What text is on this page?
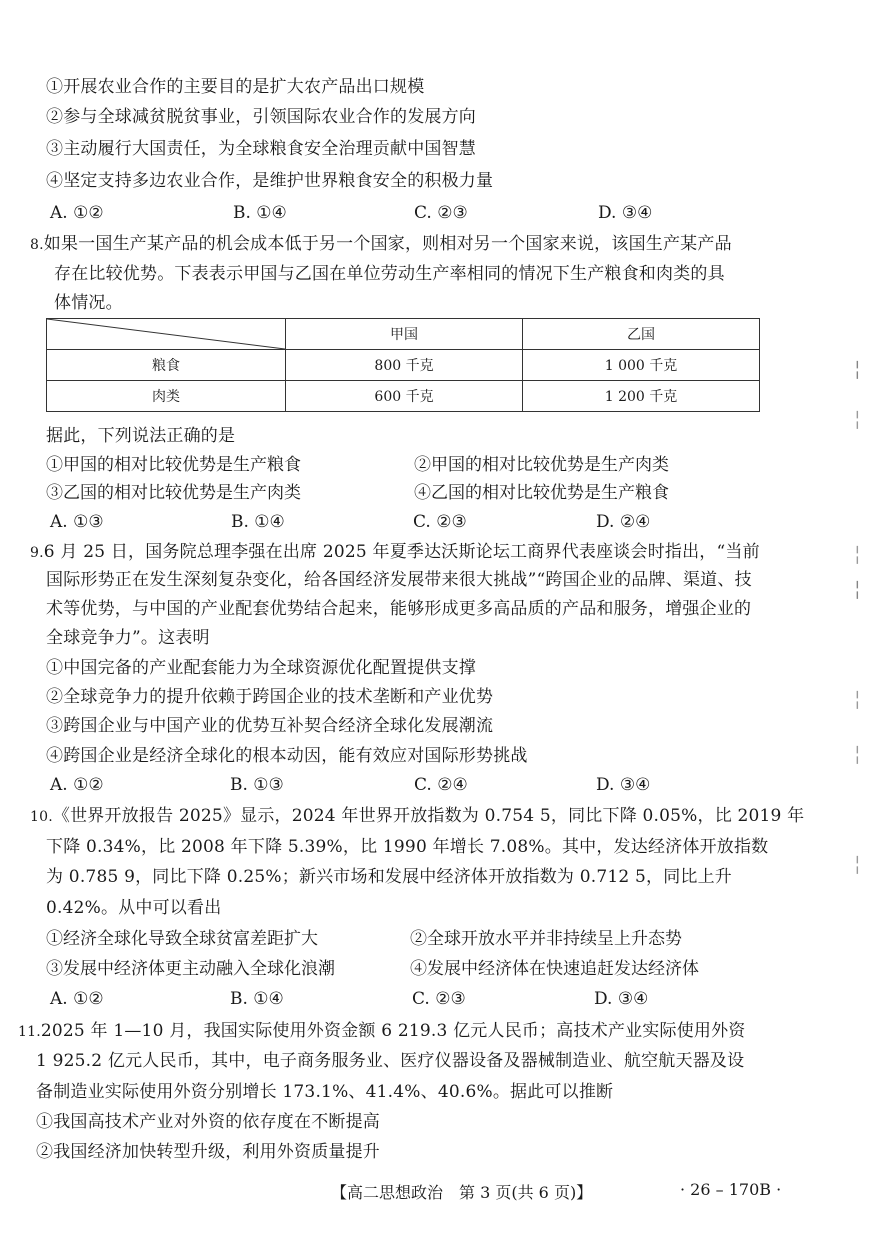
①开展农业合作的主要目的是扩大农产品出口规模
②参与全球减贫脱贫事业，引领国际农业合作的发展方向
③主动履行大国责任，为全球粮食安全治理贡献中国智慧
④坚定支持多边农业合作，是维护世界粮食安全的积极力量
A. ①②	B. ①④	C. ②③	D. ③④
8.如果一国生产某产品的机会成本低于另一个国家，则相对另一个国家来说，该国生产某产品
存在比较优势。下表表示甲国与乙国在单位劳动生产率相同的情况下生产粮食和肉类的具
体情况。
	甲国	乙国
粮食	800 千克	1 000 千克
肉类	600 千克	1 200 千克
据此，下列说法正确的是
①甲国的相对比较优势是生产粮食	②甲国的相对比较优势是生产肉类
③乙国的相对比较优势是生产肉类	④乙国的相对比较优势是生产粮食
A. ①③	B. ①④	C. ②③	D. ②④
9.6 月 25 日，国务院总理李强在出席 2025 年夏季达沃斯论坛工商界代表座谈会时指出，“当前
国际形势正在发生深刻复杂变化，给各国经济发展带来很大挑战”“跨国企业的品牌、渠道、技
术等优势，与中国的产业配套优势结合起来，能够形成更多高品质的产品和服务，增强企业的
全球竞争力”。这表明
①中国完备的产业配套能力为全球资源优化配置提供支撑
②全球竞争力的提升依赖于跨国企业的技术垄断和产业优势
③跨国企业与中国产业的优势互补契合经济全球化发展潮流
④跨国企业是经济全球化的根本动因，能有效应对国际形势挑战
A. ①②	B. ①③	C. ②④	D. ③④
10.《世界开放报告 2025》显示，2024 年世界开放指数为 0.754 5，同比下降 0.05%，比 2019 年
下降 0.34%，比 2008 年下降 5.39%，比 1990 年增长 7.08%。其中，发达经济体开放指数
为 0.785 9，同比下降 0.25%；新兴市场和发展中经济体开放指数为 0.712 5，同比上升
0.42%。从中可以看出
①经济全球化导致全球贫富差距扩大	②全球开放水平并非持续呈上升态势
③发展中经济体更主动融入全球化浪潮	④发展中经济体在快速追赶发达经济体
A. ①②	B. ①④	C. ②③	D. ③④
11.2025 年 1—10 月，我国实际使用外资金额 6 219.3 亿元人民币；高技术产业实际使用外资
1 925.2 亿元人民币，其中，电子商务服务业、医疗仪器设备及器械制造业、航空航天器及设
备制造业实际使用外资分别增长 173.1%、41.4%、40.6%。据此可以推断
①我国高技术产业对外资的依存度在不断提高
②我国经济加快转型升级，利用外资质量提升
【高二思想政治　第 3 页(共 6 页)】	· 26 – 170B ·
╎
╎
╎
╎
╎
╎
╎
